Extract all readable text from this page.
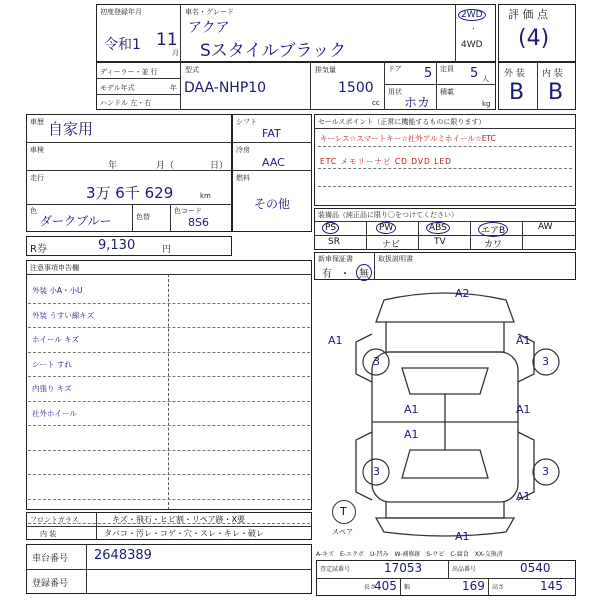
初度登録年月
令和1 11
月
車名・グレード
アクア
Sスタイルブラック
2WD
・
4WD
評 価 点
(4)
ディーラー・並 行
モデル年式	年
ハンドル 左・右
型式
DAA-NHP10
排気量
1500
cc
ドア 5 定員 5 人
用状
ホカ
積載
kg
外 装 内 装
B B
車歴 自家用
車検
年	月（	日）
走行
3万 6千 629	km
色
ダークブルー	色替
色コード
8S6
R券	9,130	円
シフト
FAT
冷房
AAC
燃料
その他
セールスポイント（正常に機能するものに限ります）
キーレス☆スマートキー☆社外アルミホイール☆ETC
ETC メモリーナビ CD DVD LED
装備品（純正品に限り〇をつけてください）
PS	PW	ABS	エアB	AW
SR	ナビ	TV	カワ
新車保証書
有 ・ 無
取扱説明書
注意事項申告欄
外装 小A・小U
外装 うすい線キズ
ホイール キズ
シート すれ
内張り キズ
社外ホイール
フロントガラス	キズ・飛石・ヒビ割・リペア跡・X要
内 装	タバコ・汚レ・コゲ・穴・スレ・キレ・破レ
車台番号 2648389
登録番号
A2
A1	A1
3	3
A1
A1
3	3
A1
A1
A1
T
スペア
A-キズ　E-エクボ　U-凹み　W-補修跡　S-サビ　C-腐食　XX-交換済
査定試番号	17053	出品番号	0540
長さ
405 幅	169 高さ	145
